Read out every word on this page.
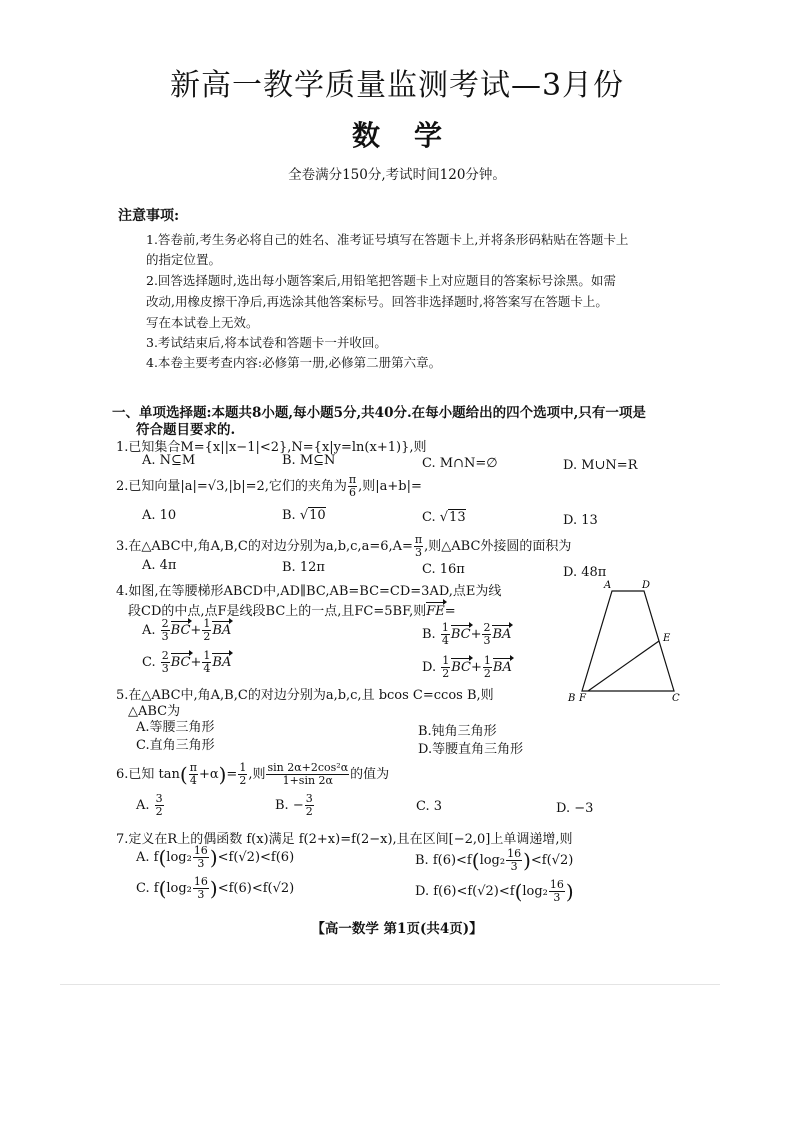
新高一教学质量监测考试—3月份
数学
全卷满分150分,考试时间120分钟。
注意事项:
1.答卷前,考生务必将自己的姓名、准考证号填写在答题卡上,并将条形码粘贴在答题卡上
的指定位置。
2.回答选择题时,选出每小题答案后,用铅笔把答题卡上对应题目的答案标号涂黑。如需
改动,用橡皮擦干净后,再选涂其他答案标号。回答非选择题时,将答案写在答题卡上。
写在本试卷上无效。
3.考试结束后,将本试卷和答题卡一并收回。
4.本卷主要考查内容:必修第一册,必修第二册第六章。
一、单项选择题:本题共8小题,每小题5分,共40分.在每小题给出的四个选项中,只有一项是
符合题目要求的.
1.已知集合M={x||x−1|<2},N={x|y=ln(x+1)},则
A. N⊆M	B. M⊆N	C. M∩N=∅	D. M∪N=R
2.已知向量|a|=√3,|b|=2,它们的夹角为 $\frac{\pi}{6}$ ,则|a+b|=
A. 10	B. √10	C. √13	D. 13
3.在△ABC中,角A,B,C的对边分别为$a,b,c,a=6,A= \frac{\pi}{3}$ ,则△ABC外接圆的面积为
A. 4π	B. 12π	C. 16π	D. 48π
4.如图,在等腰梯形ABCD中,AD∥BC,AB=BC=CD=3AD,点E为线
段CD的中点,点F是线段BC上的一点,且FC=5BF,则FE=
A. $\frac{2}{3} BC+ \frac{1}{2}$ BA	B. $\frac{1}{4} BC+ \frac{2}{3}$ BA
C. $\frac{2}{3} BC+ \frac{1}{4}$ BA	D. $\frac{1}{2} BC+ \frac{1}{2}$ BA
A	D
E
B F	C
5.在△ABC中,角A,B,C的对边分别为a,b,c,且 bcos C=ccos B,则
△ABC为
A.等腰三角形	B.钝角三角形
C.直角三角形	D.等腰直角三角形
6.已知 $\tan( \frac{\pi}{4} +\alpha)= \frac{1}{2}$ ,则 $\frac{\text{sin 2α+2cos²α}}{1+\sin 2\alpha}$ 的值为
A. $\frac{3}{2}$	B. − $\frac{3}{2}$	C. 3	D. −3
7.定义在R上的偶函数 f(x)满足 f(2+x)=f(2−x),且在区间[−2,0]上单调递增,则
A. $f(\log_2 \frac{16}{3} )<f(√2)<f(6)$	B. $f(6)<f(\log_2 \frac{16}{3} )<f(√2)$
C. $f(\log_2 \frac{16}{3} )<f(6)<f(√2)$	D. $f(6)<f(√2)<f(\log_2 \frac{16}{3}$ )
【高一数学 第1页(共4页)】
